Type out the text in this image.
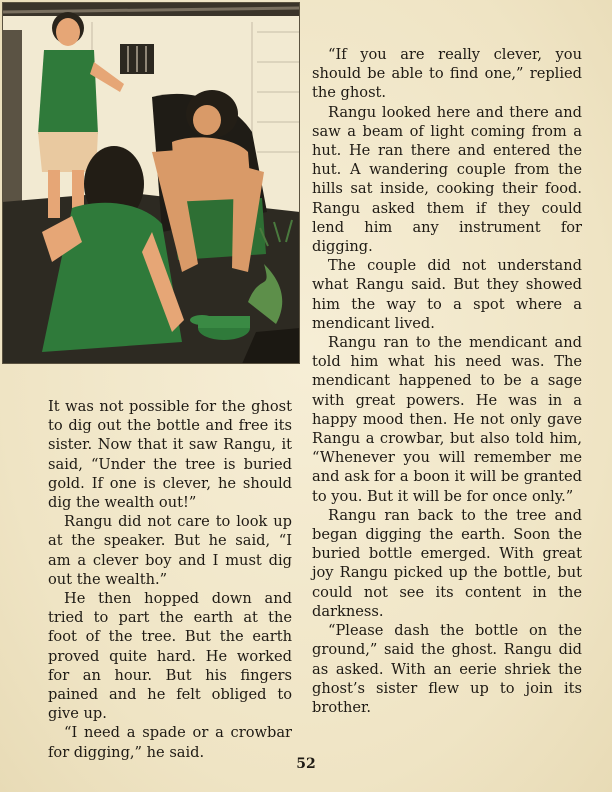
It was not possible for the ghost to dig out the bottle and free its sister. Now that it saw Rangu, it said, “Under the tree is buried gold. If one is clever, he should dig the wealth out!”

Rangu did not care to look up at the speaker. But he said, “I am a clever boy and I must dig out the wealth.”

He then hopped down and tried to part the earth at the foot of the tree. But the earth proved quite hard. He worked for an hour. But his fingers pained and he felt obliged to give up.

“I need a spade or a crowbar for digging,” he said.

“If you are really clever, you should be able to find one,” replied the ghost.

Rangu looked here and there and saw a beam of light coming from a hut. He ran there and entered the hut. A wandering couple from the hills sat inside, cooking their food. Rangu asked them if they could lend him any instrument for digging.

The couple did not understand what Rangu said. But they showed him the way to a spot where a mendicant lived.

Rangu ran to the mendicant and told him what his need was. The mendicant happened to be a sage with great powers. He was in a happy mood then. He not only gave Rangu a crowbar, but also told him, “Whenever you will remember me and ask for a boon it will be granted to you. But it will be for once only.”

Rangu ran back to the tree and began digging the earth. Soon the buried bottle emerged. With great joy Rangu picked up the bottle, but could not see its content in the darkness.

“Please dash the bottle on the ground,” said the ghost. Rangu did as asked. With an eerie shriek the ghost’s sister flew up to join its brother.

52
